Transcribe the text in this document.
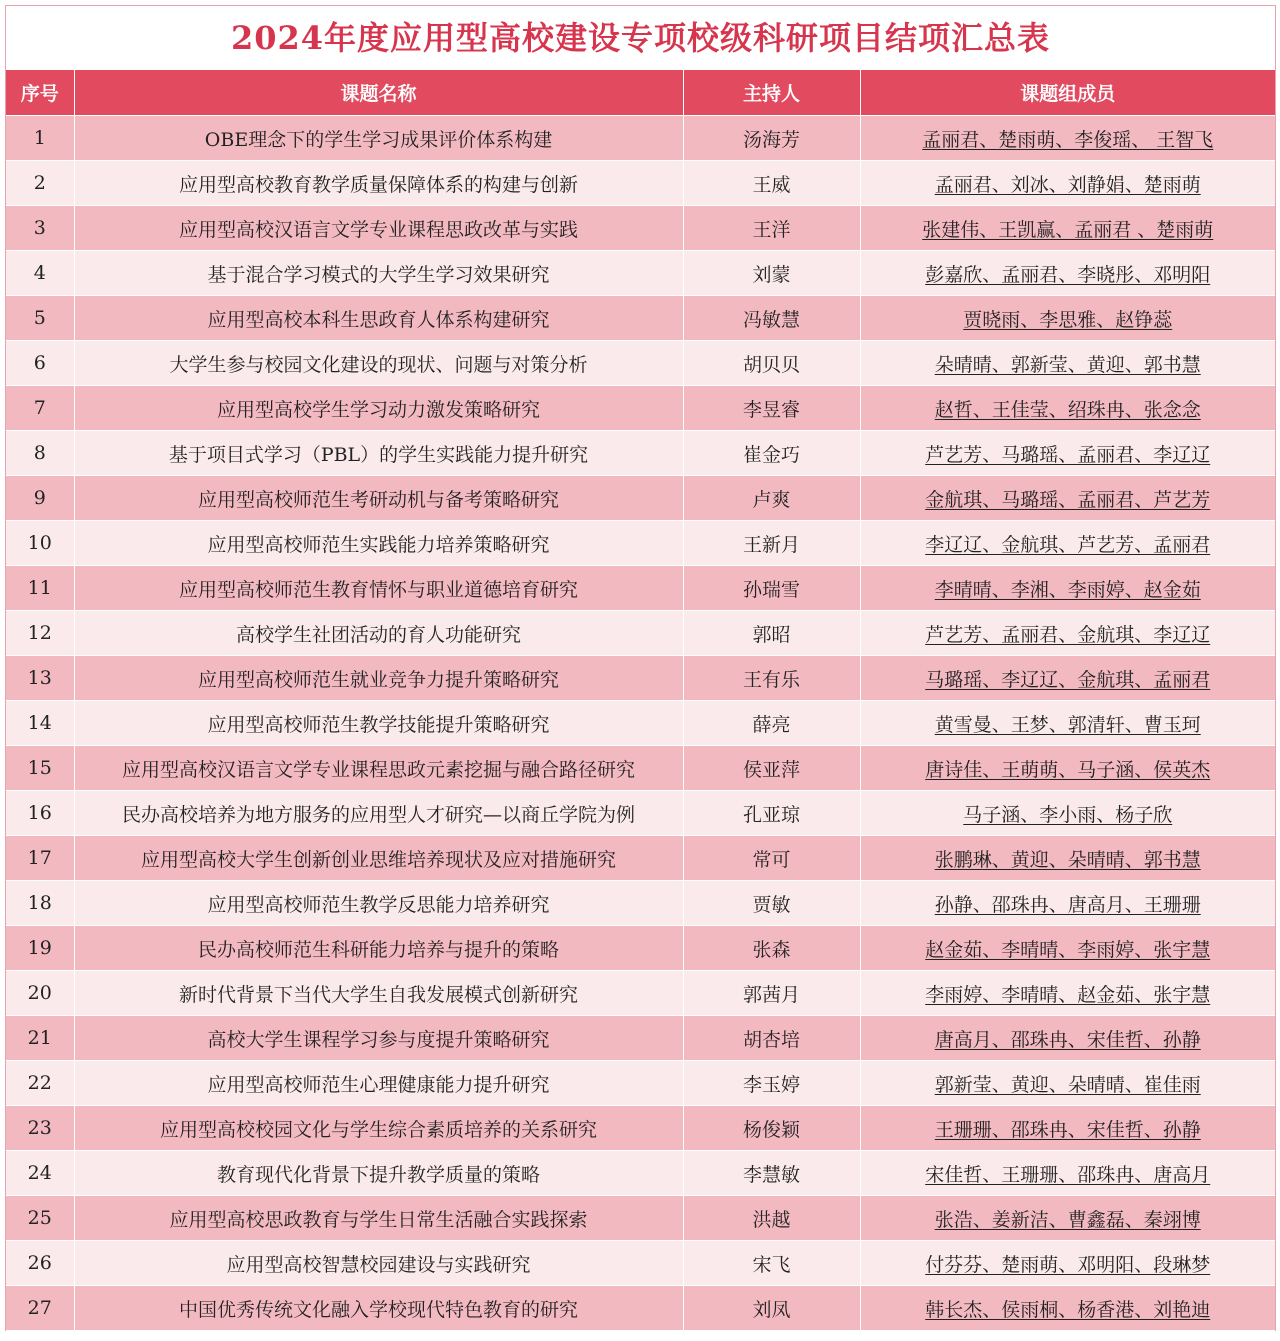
2024年度应用型高校建设专项校级科研项目结项汇总表
序号	课题名称	主持人	课题组成员
1	OBE理念下的学生学习成果评价体系构建	汤海芳	孟丽君、楚雨萌、李俊瑶、 王智飞
2	应用型高校教育教学质量保障体系的构建与创新	王威	孟丽君、刘冰、刘静娟、楚雨萌
3	应用型高校汉语言文学专业课程思政改革与实践	王洋	张建伟、王凯赢、孟丽君 、楚雨萌
4	基于混合学习模式的大学生学习效果研究	刘蒙	彭嘉欣、孟丽君、李晓彤、邓明阳
5	应用型高校本科生思政育人体系构建研究	冯敏慧	贾晓雨、李思雅、赵铮蕊
6	大学生参与校园文化建设的现状、问题与对策分析	胡贝贝	朵晴晴、郭新莹、黄迎、郭书慧
7	应用型高校学生学习动力激发策略研究	李昱睿	赵哲、王佳莹、绍珠冉、张念念
8	基于项目式学习（PBL）的学生实践能力提升研究	崔金巧	芦艺芳、马璐瑶、孟丽君、李辽辽
9	应用型高校师范生考研动机与备考策略研究	卢爽	金航琪、马璐瑶、孟丽君、芦艺芳
10	应用型高校师范生实践能力培养策略研究	王新月	李辽辽、金航琪、芦艺芳、孟丽君
11	应用型高校师范生教育情怀与职业道德培育研究	孙瑞雪	李晴晴、李湘、李雨婷、赵金茹
12	高校学生社团活动的育人功能研究	郭昭	芦艺芳、孟丽君、金航琪、李辽辽
13	应用型高校师范生就业竞争力提升策略研究	王有乐	马璐瑶、李辽辽、金航琪、孟丽君
14	应用型高校师范生教学技能提升策略研究	薛亮	黄雪曼、王梦、郭清轩、曹玉珂
15	应用型高校汉语言文学专业课程思政元素挖掘与融合路径研究	侯亚萍	唐诗佳、王萌萌、马子涵、侯英杰
16	民办高校培养为地方服务的应用型人才研究—以商丘学院为例	孔亚琼	马子涵、李小雨、杨子欣
17	应用型高校大学生创新创业思维培养现状及应对措施研究	常可	张鹏琳、黄迎、朵晴晴、郭书慧
18	应用型高校师范生教学反思能力培养研究	贾敏	孙静、邵珠冉、唐高月、王珊珊
19	民办高校师范生科研能力培养与提升的策略	张森	赵金茹、李晴晴、李雨婷、张宇慧
20	新时代背景下当代大学生自我发展模式创新研究	郭茜月	李雨婷、李晴晴、赵金茹、张宇慧
21	高校大学生课程学习参与度提升策略研究	胡杏培	唐高月、邵珠冉、宋佳哲、孙静
22	应用型高校师范生心理健康能力提升研究	李玉婷	郭新莹、黄迎、朵晴晴、崔佳雨
23	应用型高校校园文化与学生综合素质培养的关系研究	杨俊颖	王珊珊、邵珠冉、宋佳哲、孙静
24	教育现代化背景下提升教学质量的策略	李慧敏	宋佳哲、王珊珊、邵珠冉、唐高月
25	应用型高校思政教育与学生日常生活融合实践探索	洪越	张浩、姜新洁、曹鑫磊、秦翊博
26	应用型高校智慧校园建设与实践研究	宋飞	付芬芬、楚雨萌、邓明阳、段琳梦
27	中国优秀传统文化融入学校现代特色教育的研究	刘凤	韩长杰、侯雨桐、杨香港、刘艳迪
